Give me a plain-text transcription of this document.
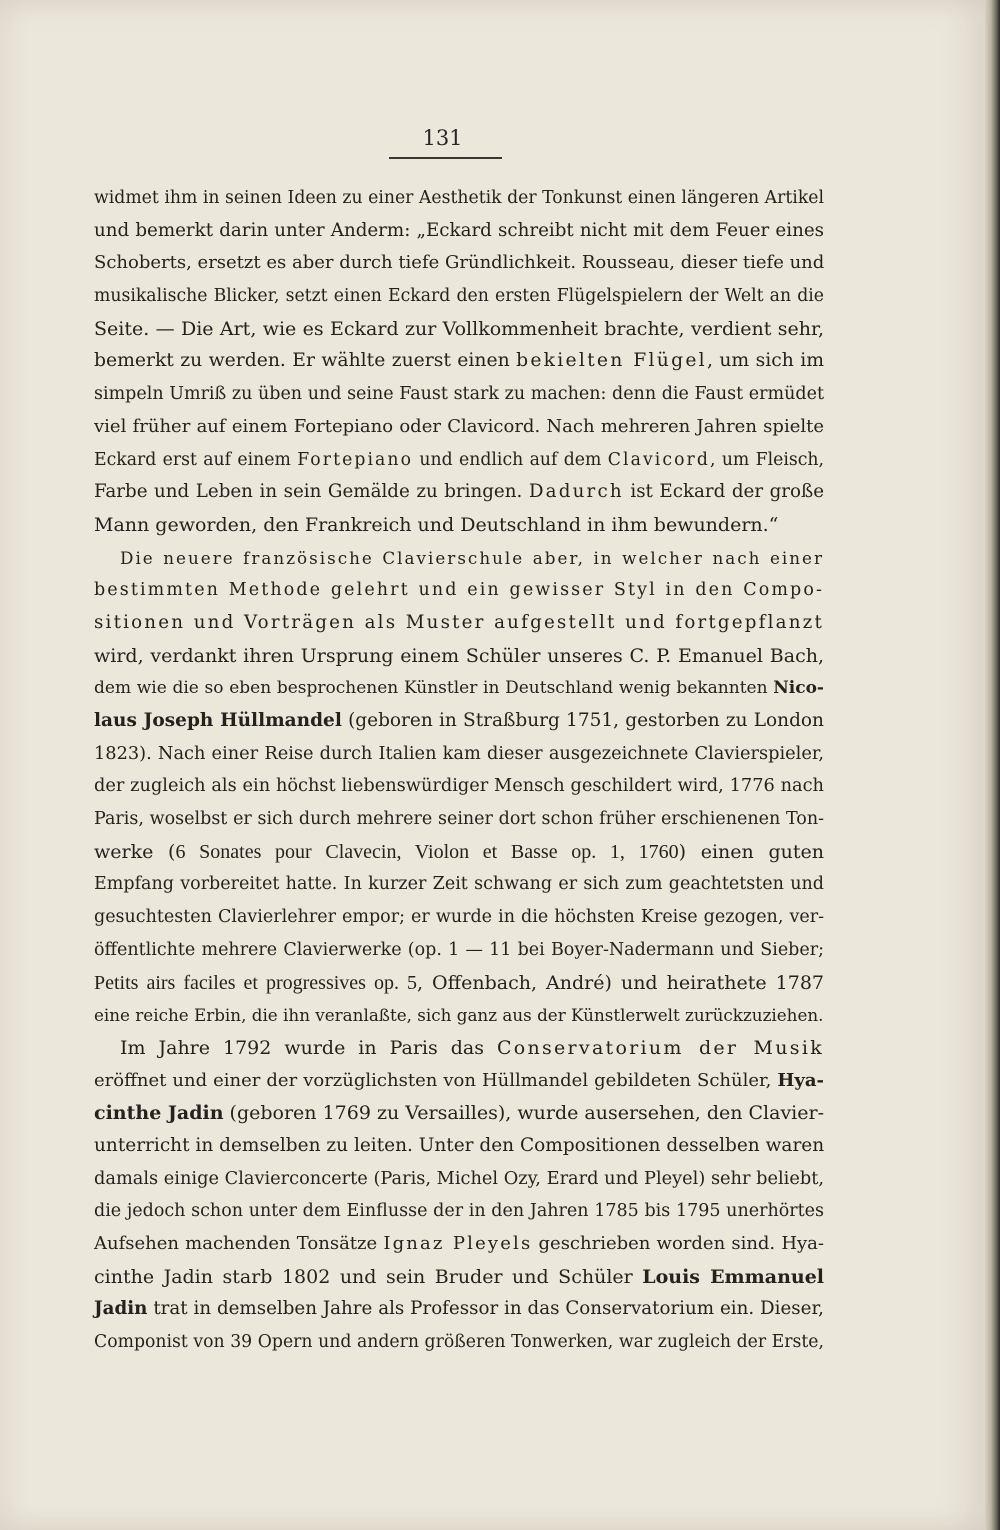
131
widmet ihm in seinen Ideen zu einer Aesthetik der Tonkunst einen längeren Artikel
und bemerkt darin unter Anderm: „Eckard schreibt nicht mit dem Feuer eines
Schoberts, ersetzt es aber durch tiefe Gründlichkeit. Rousseau, dieser tiefe und
musikalische Blicker, setzt einen Eckard den ersten Flügelspielern der Welt an die
Seite. — Die Art, wie es Eckard zur Vollkommenheit brachte, verdient sehr,
bemerkt zu werden. Er wählte zuerst einen bekielten Flügel, um sich im
simpeln Umriß zu üben und seine Faust stark zu machen: denn die Faust ermüdet
viel früher auf einem Fortepiano oder Clavicord. Nach mehreren Jahren spielte
Eckard erst auf einem Fortepiano und endlich auf dem Clavicord, um Fleisch,
Farbe und Leben in sein Gemälde zu bringen. Dadurch ist Eckard der große
Mann geworden, den Frankreich und Deutschland in ihm bewundern.“
Die neuere französische Clavierschule aber, in welcher nach einer
bestimmten Methode gelehrt und ein gewisser Styl in den Compo-
sitionen und Vorträgen als Muster aufgestellt und fortgepflanzt
wird, verdankt ihren Ursprung einem Schüler unseres C. P. Emanuel Bach,
dem wie die so eben besprochenen Künstler in Deutschland wenig bekannten Nico-
laus Joseph Hüllmandel (geboren in Straßburg 1751, gestorben zu London
1823). Nach einer Reise durch Italien kam dieser ausgezeichnete Clavierspieler,
der zugleich als ein höchst liebenswürdiger Mensch geschildert wird, 1776 nach
Paris, woselbst er sich durch mehrere seiner dort schon früher erschienenen Ton-
werke (6 Sonates pour Clavecin, Violon et Basse op. 1, 1760) einen guten
Empfang vorbereitet hatte. In kurzer Zeit schwang er sich zum geachtetsten und
gesuchtesten Clavierlehrer empor; er wurde in die höchsten Kreise gezogen, ver-
öffentlichte mehrere Clavierwerke (op. 1 — 11 bei Boyer-Nadermann und Sieber;
Petits airs faciles et progressives op. 5, Offenbach, André) und heirathete 1787
eine reiche Erbin, die ihn veranlaßte, sich ganz aus der Künstlerwelt zurückzuziehen.
Im Jahre 1792 wurde in Paris das Conservatorium der Musik
eröffnet und einer der vorzüglichsten von Hüllmandel gebildeten Schüler, Hya-
cinthe Jadin (geboren 1769 zu Versailles), wurde ausersehen, den Clavier-
unterricht in demselben zu leiten. Unter den Compositionen desselben waren
damals einige Clavierconcerte (Paris, Michel Ozy, Erard und Pleyel) sehr beliebt,
die jedoch schon unter dem Einflusse der in den Jahren 1785 bis 1795 unerhörtes
Aufsehen machenden Tonsätze Ignaz Pleyels geschrieben worden sind. Hya-
cinthe Jadin starb 1802 und sein Bruder und Schüler Louis Emmanuel
Jadin trat in demselben Jahre als Professor in das Conservatorium ein. Dieser,
Componist von 39 Opern und andern größeren Tonwerken, war zugleich der Erste,
